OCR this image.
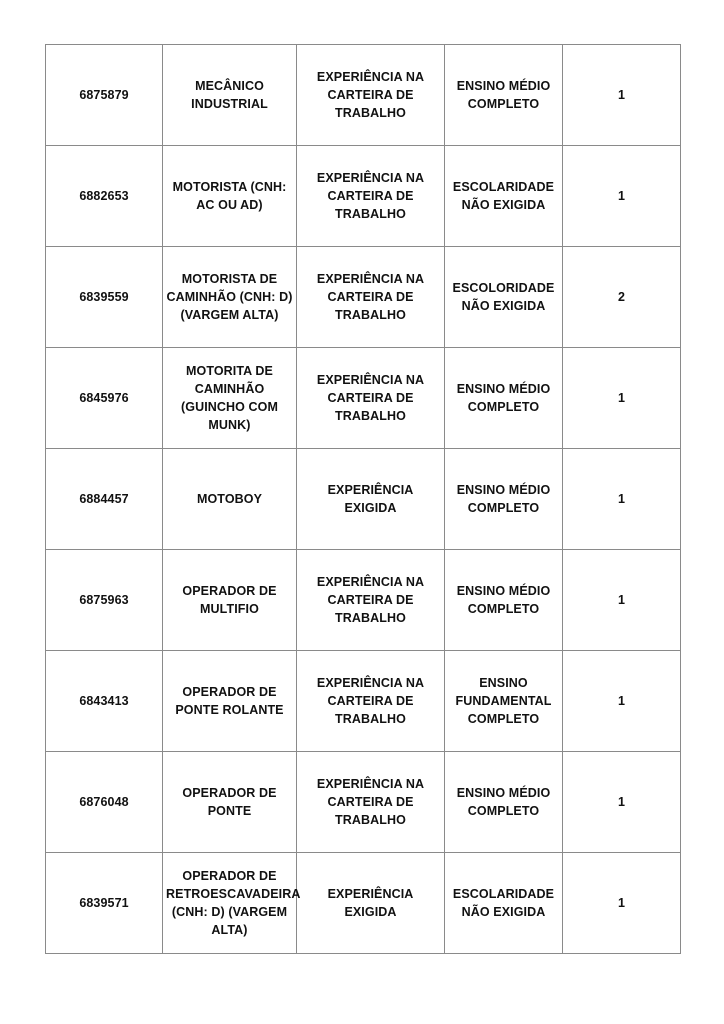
6875879	MECÂNICO INDUSTRIAL	EXPERIÊNCIA NA CARTEIRA DE TRABALHO	ENSINO MÉDIO COMPLETO	1
6882653	MOTORISTA (CNH: AC OU AD)	EXPERIÊNCIA NA CARTEIRA DE TRABALHO	ESCOLARIDADE NÃO EXIGIDA	1
6839559	MOTORISTA DE CAMINHÃO (CNH: D) (VARGEM ALTA)	EXPERIÊNCIA NA CARTEIRA DE TRABALHO	ESCOLORIDADE NÃO EXIGIDA	2
6845976	MOTORITA DE CAMINHÃO (GUINCHO COM MUNK)	EXPERIÊNCIA NA CARTEIRA DE TRABALHO	ENSINO MÉDIO COMPLETO	1
6884457	MOTOBOY	EXPERIÊNCIA EXIGIDA	ENSINO MÉDIO COMPLETO	1
6875963	OPERADOR DE MULTIFIO	EXPERIÊNCIA NA CARTEIRA DE TRABALHO	ENSINO MÉDIO COMPLETO	1
6843413	OPERADOR DE PONTE ROLANTE	EXPERIÊNCIA NA CARTEIRA DE TRABALHO	ENSINO FUNDAMENTAL COMPLETO	1
6876048	OPERADOR DE PONTE	EXPERIÊNCIA NA CARTEIRA DE TRABALHO	ENSINO MÉDIO COMPLETO	1
6839571	OPERADOR DE RETROESCAVADEIRA (CNH: D) (VARGEM ALTA)	EXPERIÊNCIA EXIGIDA	ESCOLARIDADE NÃO EXIGIDA	1
